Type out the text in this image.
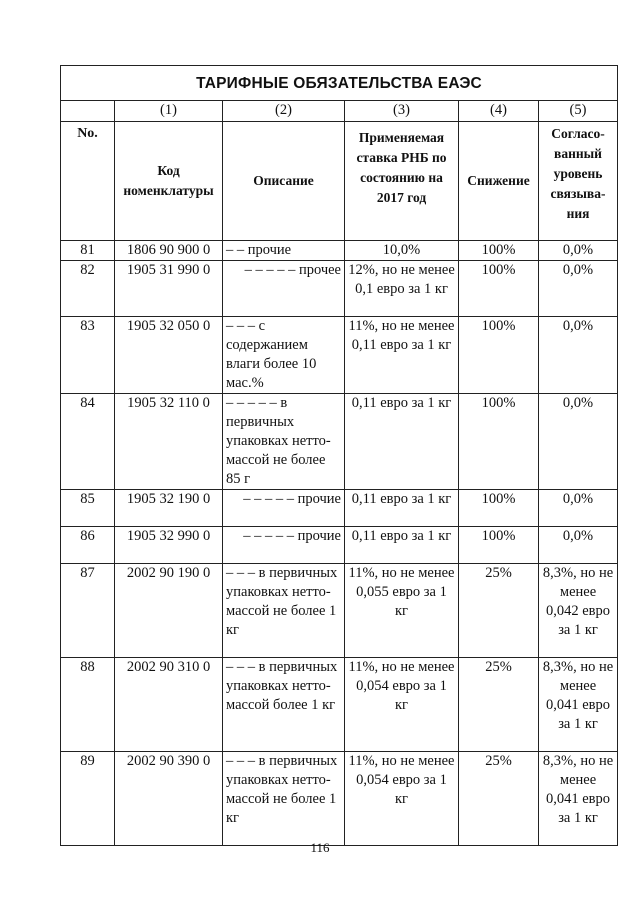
ТАРИФНЫЕ ОБЯЗАТЕЛЬСТВА ЕАЭС					
	(1)	(2)	(3)	(4)	(5)
No.	Код номенклатуры	Описание	Применяемая ставка РНБ по состоянию на 2017 год	Снижение	Согласо-ванный уровень связыва-ния
81	1806 90 900 0	– – прочие	10,0%	100%	0,0%
82	1905 31 990 0	– – – – – прочее	12%, но не менее 0,1 евро за 1 кг	100%	0,0%
83	1905 32 050 0	– – – с содержанием влаги более 10 мас.%	11%, но не менее 0,11 евро за 1 кг	100%	0,0%
84	1905 32 110 0	– – – – – в первичных упаковках нетто-массой не более 85 г	0,11 евро за 1 кг	100%	0,0%
85	1905 32 190 0	– – – – – прочие	0,11 евро за 1 кг	100%	0,0%
86	1905 32 990 0	– – – – – прочие	0,11 евро за 1 кг	100%	0,0%
87	2002 90 190 0	– – – в первичных упаковках нетто-массой не более 1 кг	11%, но не менее 0,055 евро за 1 кг	25%	8,3%, но не менее 0,042 евро за 1 кг
88	2002 90 310 0	– – – в первичных упаковках нетто-массой более 1 кг	11%, но не менее 0,054 евро за 1 кг	25%	8,3%, но не менее 0,041 евро за 1 кг
89	2002 90 390 0	– – – в первичных упаковках нетто-массой не более 1 кг	11%, но не менее 0,054 евро за 1 кг	25%	8,3%, но не менее 0,041 евро за 1 кг
116
